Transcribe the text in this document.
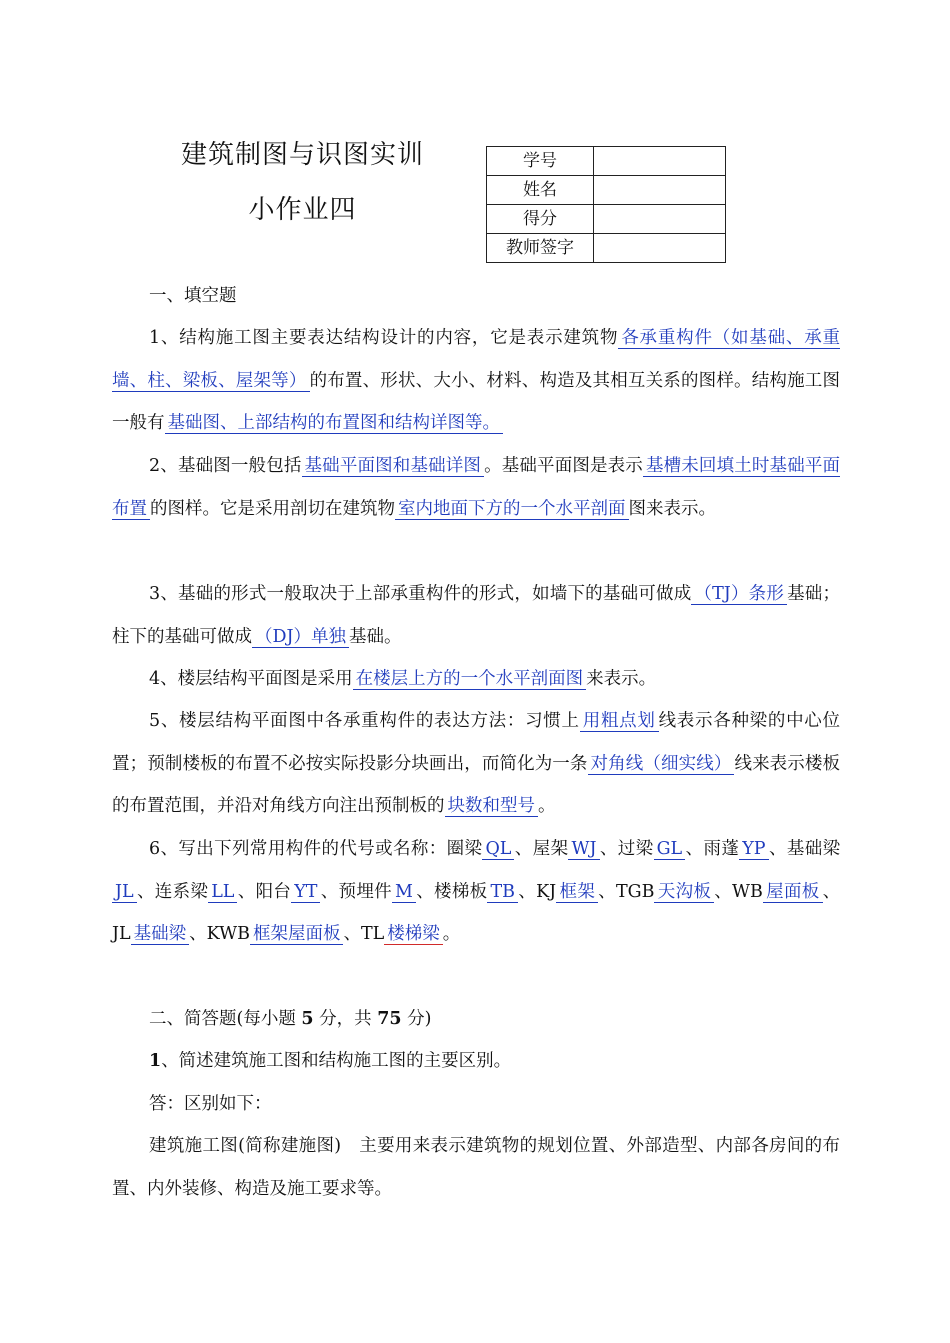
建筑制图与识图实训
小作业四
学号	
姓名	
得分	
教师签字	
一、填空题
1、结构施工图主要表达结构设计的内容，它是表示建筑物 各承重构件（如基础、承重墙、柱、梁板、屋架等） 的布置、形状、大小、材料、构造及其相互关系的图样。结构施工图一般有 基础图、上部结构的布置图和结构详图等。
2、基础图一般包括 基础平面图和基础详图 。基础平面图是表示 基槽未回填土时基础平面布置 的图样。它是采用剖切在建筑物 室内地面下方的一个水平剖面 图来表示。
3、基础的形式一般取决于上部承重构件的形式，如墙下的基础可做成 （TJ）条形 基础；柱下的基础可做成 （DJ）单独 基础。
4、楼层结构平面图是采用 在楼层上方的一个水平剖面图 来表示。
5、楼层结构平面图中各承重构件的表达方法：习惯上 用粗点划 线表示各种梁的中心位置；预制楼板的布置不必按实际投影分块画出，而简化为一条 对角线（细实线） 线来表示楼板的布置范围，并沿对角线方向注出预制板的 块数和型号 。
6、写出下列常用构件的代号或名称：圈梁 QL 、屋架 WJ 、过梁 GL 、雨蓬 YP 、基础梁JL 、连系梁 LL 、阳台 YT 、预埋件 M 、楼梯板 TB 、KJ 框架 、TGB 天沟板 、WB 屋面板 、JL 基础梁 、KWB 框架屋面板 、TL 楼梯梁 。
二、简答题(每小题 5 分，共 75 分)
1、简述建筑施工图和结构施工图的主要区别。
答：区别如下：
建筑施工图(简称建施图)　主要用来表示建筑物的规划位置、外部造型、内部各房间的布置、内外装修、构造及施工要求等。
